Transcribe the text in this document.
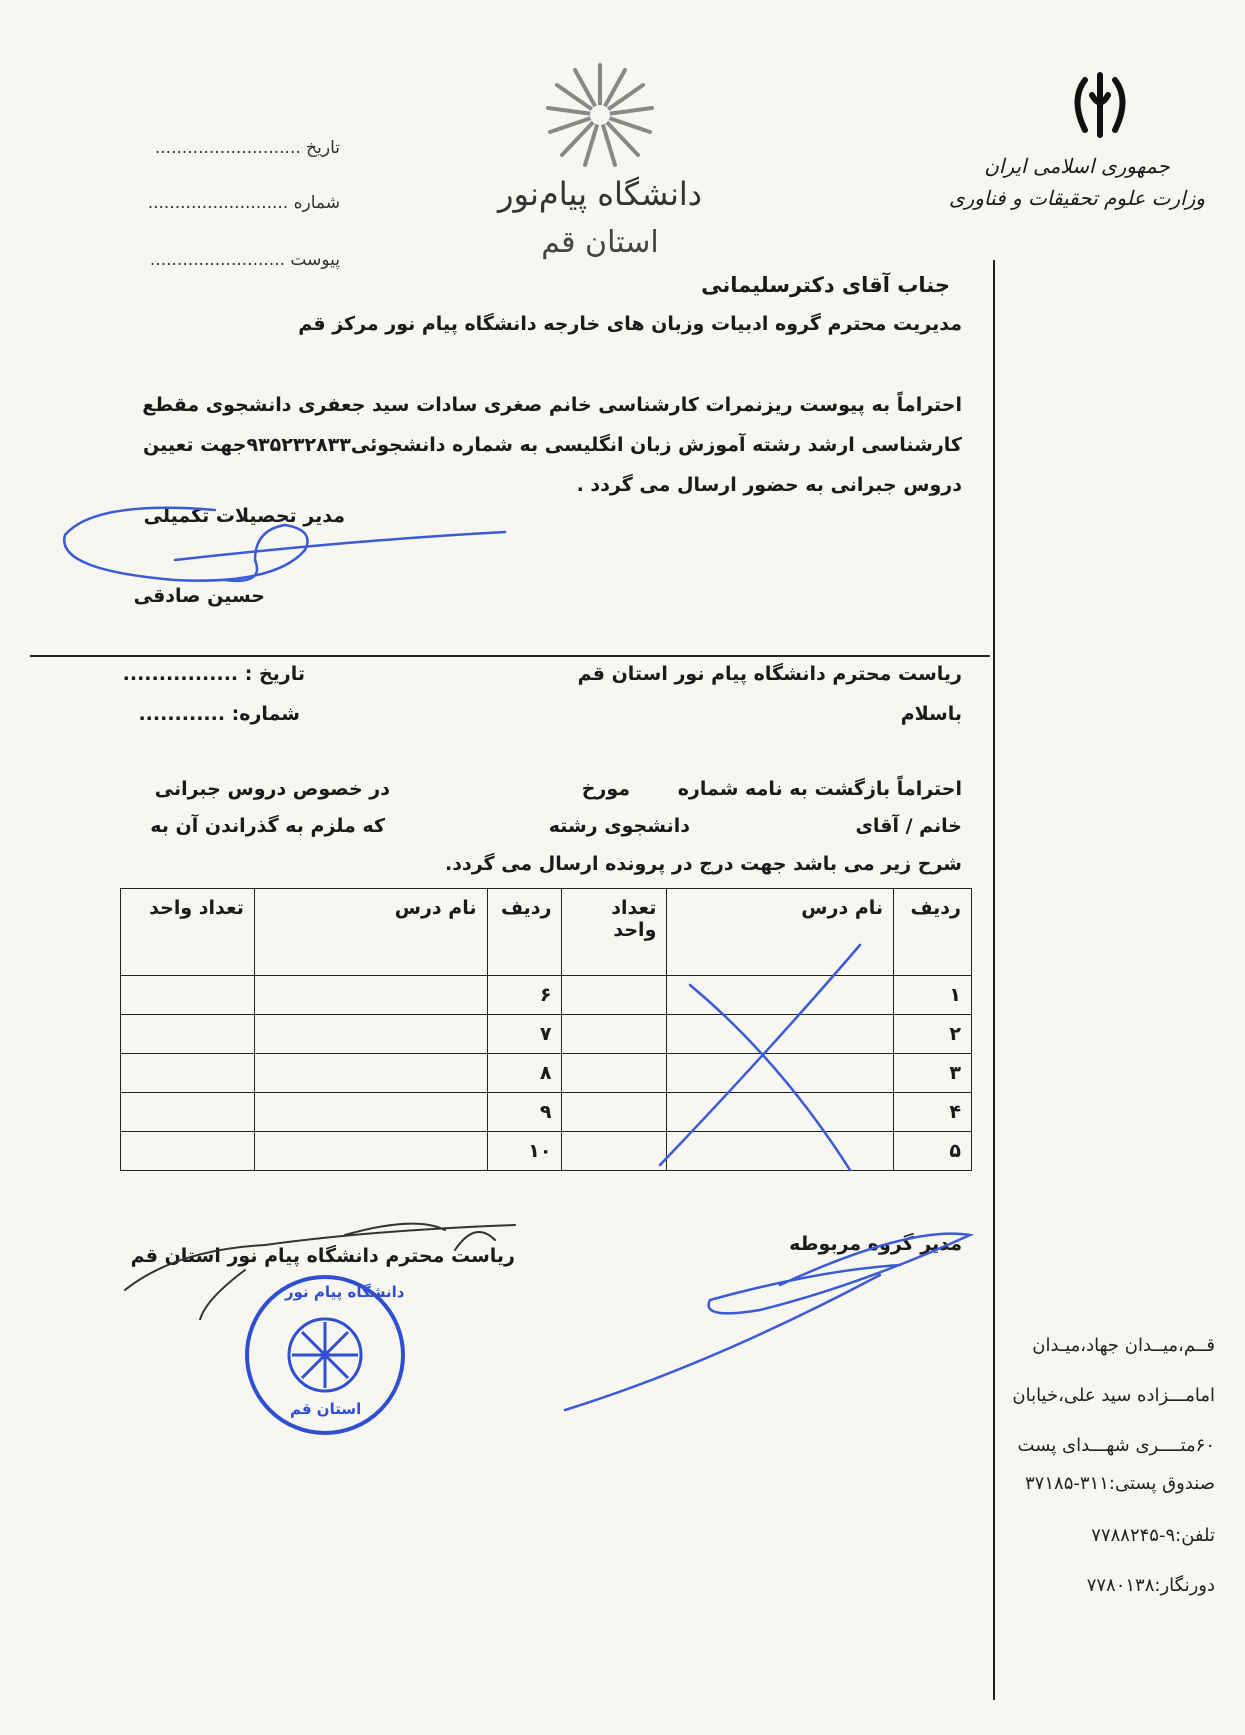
جمهوری اسلامی ایران
وزارت علوم تحقیقات و فناوری
دانشگاه پیام‌نور
استان قم
تاریخ ...........................
شماره ..........................
پیوست .........................
جناب آقای دکترسلیمانی
مدیریت محترم گروه ادبیات وزبان های خارجه دانشگاه پیام نور مرکز قم
احتراماً به پیوست ریزنمرات کارشناسی خانم صغری سادات سید جعفری دانشجوی مقطع
کارشناسی ارشد رشته آموزش زبان انگلیسی به شماره دانشجوئی۹۳۵۲۳۲۸۳۳جهت تعیین
دروس جبرانی به حضور ارسال می گردد .
مدیر تحصیلات تکمیلی
حسین صادقی
ریاست محترم دانشگاه پیام نور استان قم
باسلام
تاریخ : ................
شماره: ............
احتراماً بازگشت به نامه شماره
مورخ
در خصوص دروس جبرانی
خانم / آقای
دانشجوی رشته
که ملزم به گذراندن آن به
شرح زیر می باشد جهت درج در پرونده ارسال می گردد.
ردیف	نام درس	تعداد واحد	ردیف	نام درس	تعداد واحد
۱			۶		
۲			۷		
۳			۸		
۴			۹		
۵			۱۰		
مدیر گروه مربوطه
ریاست محترم دانشگاه پیام نور استان قم
دانشگاه پیام نور
استان قم
قــم،میــدان جهاد،میـدان
امامـــزاده سید علی،خیابان
۶۰متــــری شهـــدای پست
صندوق پستی:۳۱۱-۳۷۱۸۵
تلفن:۹-۷۷۸۸۲۴۵
دورنگار:۷۷۸۰۱۳۸
